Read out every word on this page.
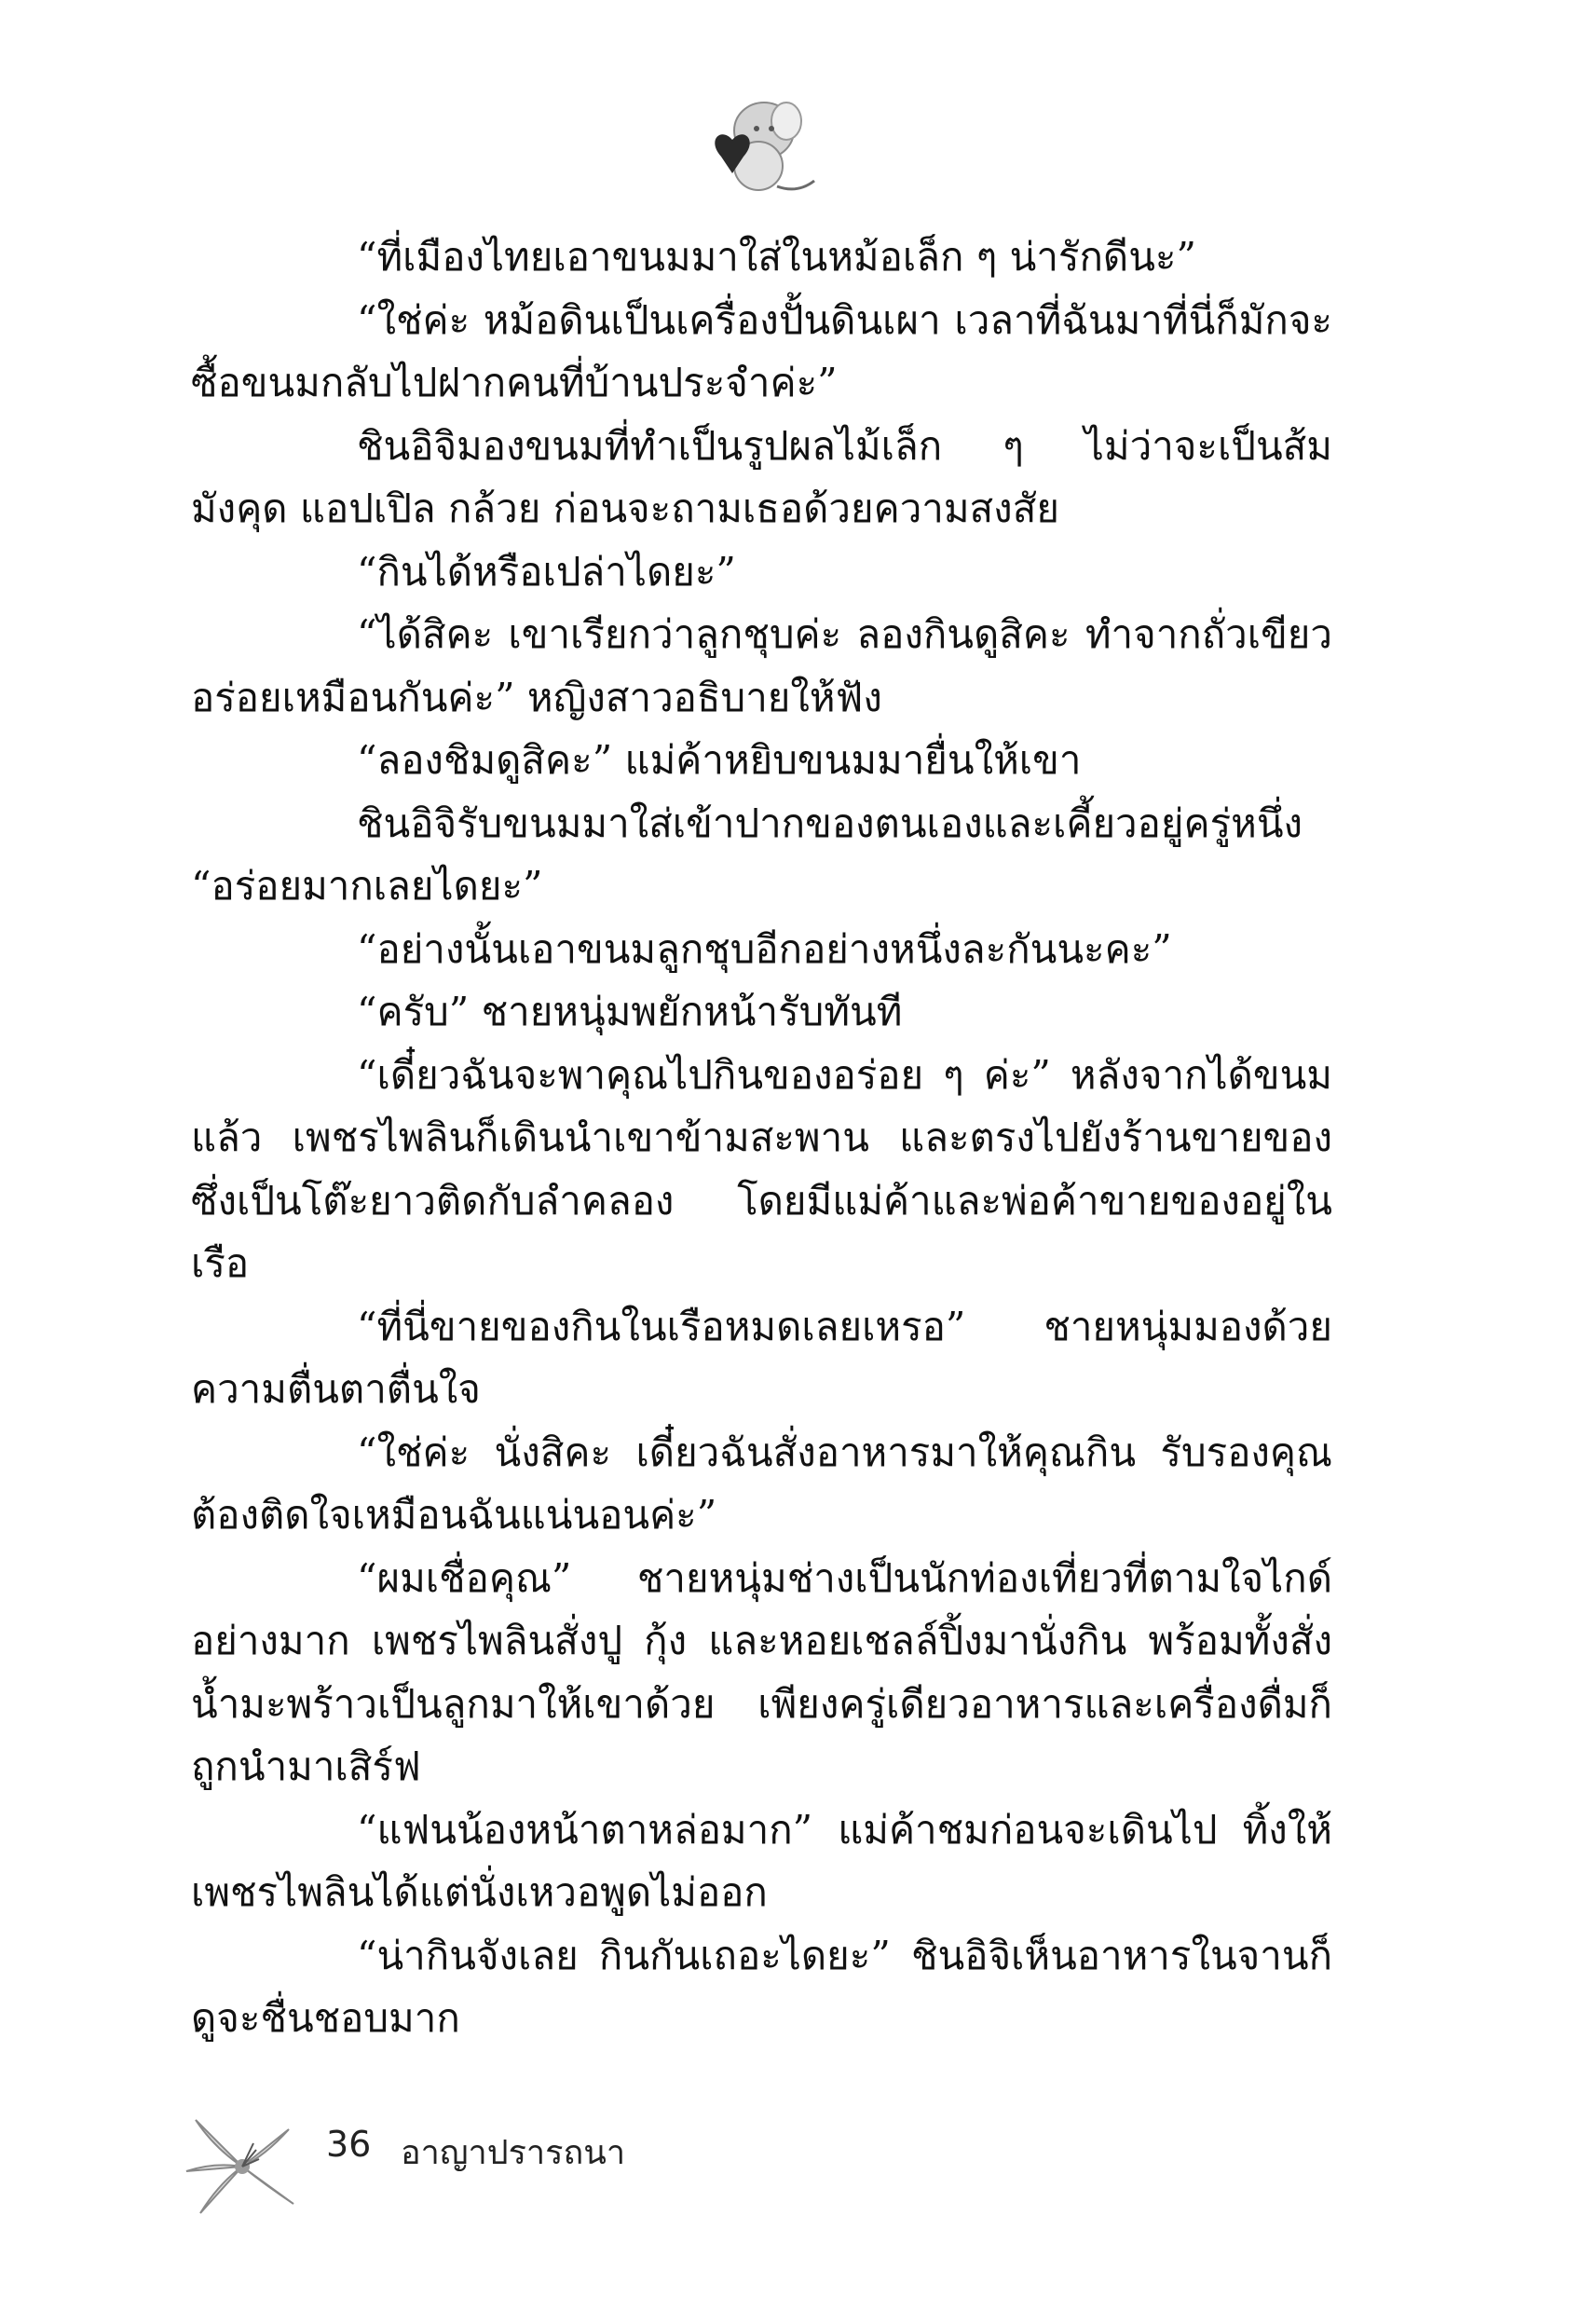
“ที่เมืองไทยเอาขนมมาใส่ในหม้อเล็ก ๆ น่ารักดีนะ”

“ใช่ค่ะ หม้อดินเป็นเครื่องปั้นดินเผา เวลาที่ฉันมาที่นี่ก็มักจะซื้อขนมกลับไปฝากคนที่บ้านประจำค่ะ”

ชินอิจิมองขนมที่ทำเป็นรูปผลไม้เล็ก ๆ ไม่ว่าจะเป็นส้ม มังคุด แอปเปิล กล้วย ก่อนจะถามเธอด้วยความสงสัย

“กินได้หรือเปล่าไดยะ”

“ได้สิคะ เขาเรียกว่าลูกชุบค่ะ ลองกินดูสิคะ ทำจากถั่วเขียว อร่อยเหมือนกันค่ะ” หญิงสาวอธิบายให้ฟัง

“ลองชิมดูสิคะ” แม่ค้าหยิบขนมมายื่นให้เขา

ชินอิจิรับขนมมาใส่เข้าปากของตนเองและเคี้ยวอยู่ครู่หนึ่ง “อร่อยมากเลยไดยะ”

“อย่างนั้นเอาขนมลูกชุบอีกอย่างหนึ่งละกันนะคะ”

“ครับ” ชายหนุ่มพยักหน้ารับทันที

“เดี๋ยวฉันจะพาคุณไปกินของอร่อย ๆ ค่ะ” หลังจากได้ขนมแล้ว เพชรไพลินก็เดินนำเขาข้ามสะพาน และตรงไปยังร้านขายของซึ่งเป็นโต๊ะยาวติดกับลำคลอง โดยมีแม่ค้าและพ่อค้าขายของอยู่ในเรือ

“ที่นี่ขายของกินในเรือหมดเลยเหรอ” ชายหนุ่มมองด้วยความตื่นตาตื่นใจ

“ใช่ค่ะ นั่งสิคะ เดี๋ยวฉันสั่งอาหารมาให้คุณกิน รับรองคุณต้องติดใจเหมือนฉันแน่นอนค่ะ”

“ผมเชื่อคุณ” ชายหนุ่มช่างเป็นนักท่องเที่ยวที่ตามใจไกด์อย่างมาก เพชรไพลินสั่งปู กุ้ง และหอยเชลล์ปิ้งมานั่งกิน พร้อมทั้งสั่งน้ำมะพร้าวเป็นลูกมาให้เขาด้วย เพียงครู่เดียวอาหารและเครื่องดื่มก็ถูกนำมาเสิร์ฟ

“แฟนน้องหน้าตาหล่อมาก” แม่ค้าชมก่อนจะเดินไป ทิ้งให้เพชรไพลินได้แต่นั่งเหวอพูดไม่ออก

“น่ากินจังเลย กินกันเถอะไดยะ” ชินอิจิเห็นอาหารในจานก็ดูจะชื่นชอบมาก

36 อาญาปรารถนา
